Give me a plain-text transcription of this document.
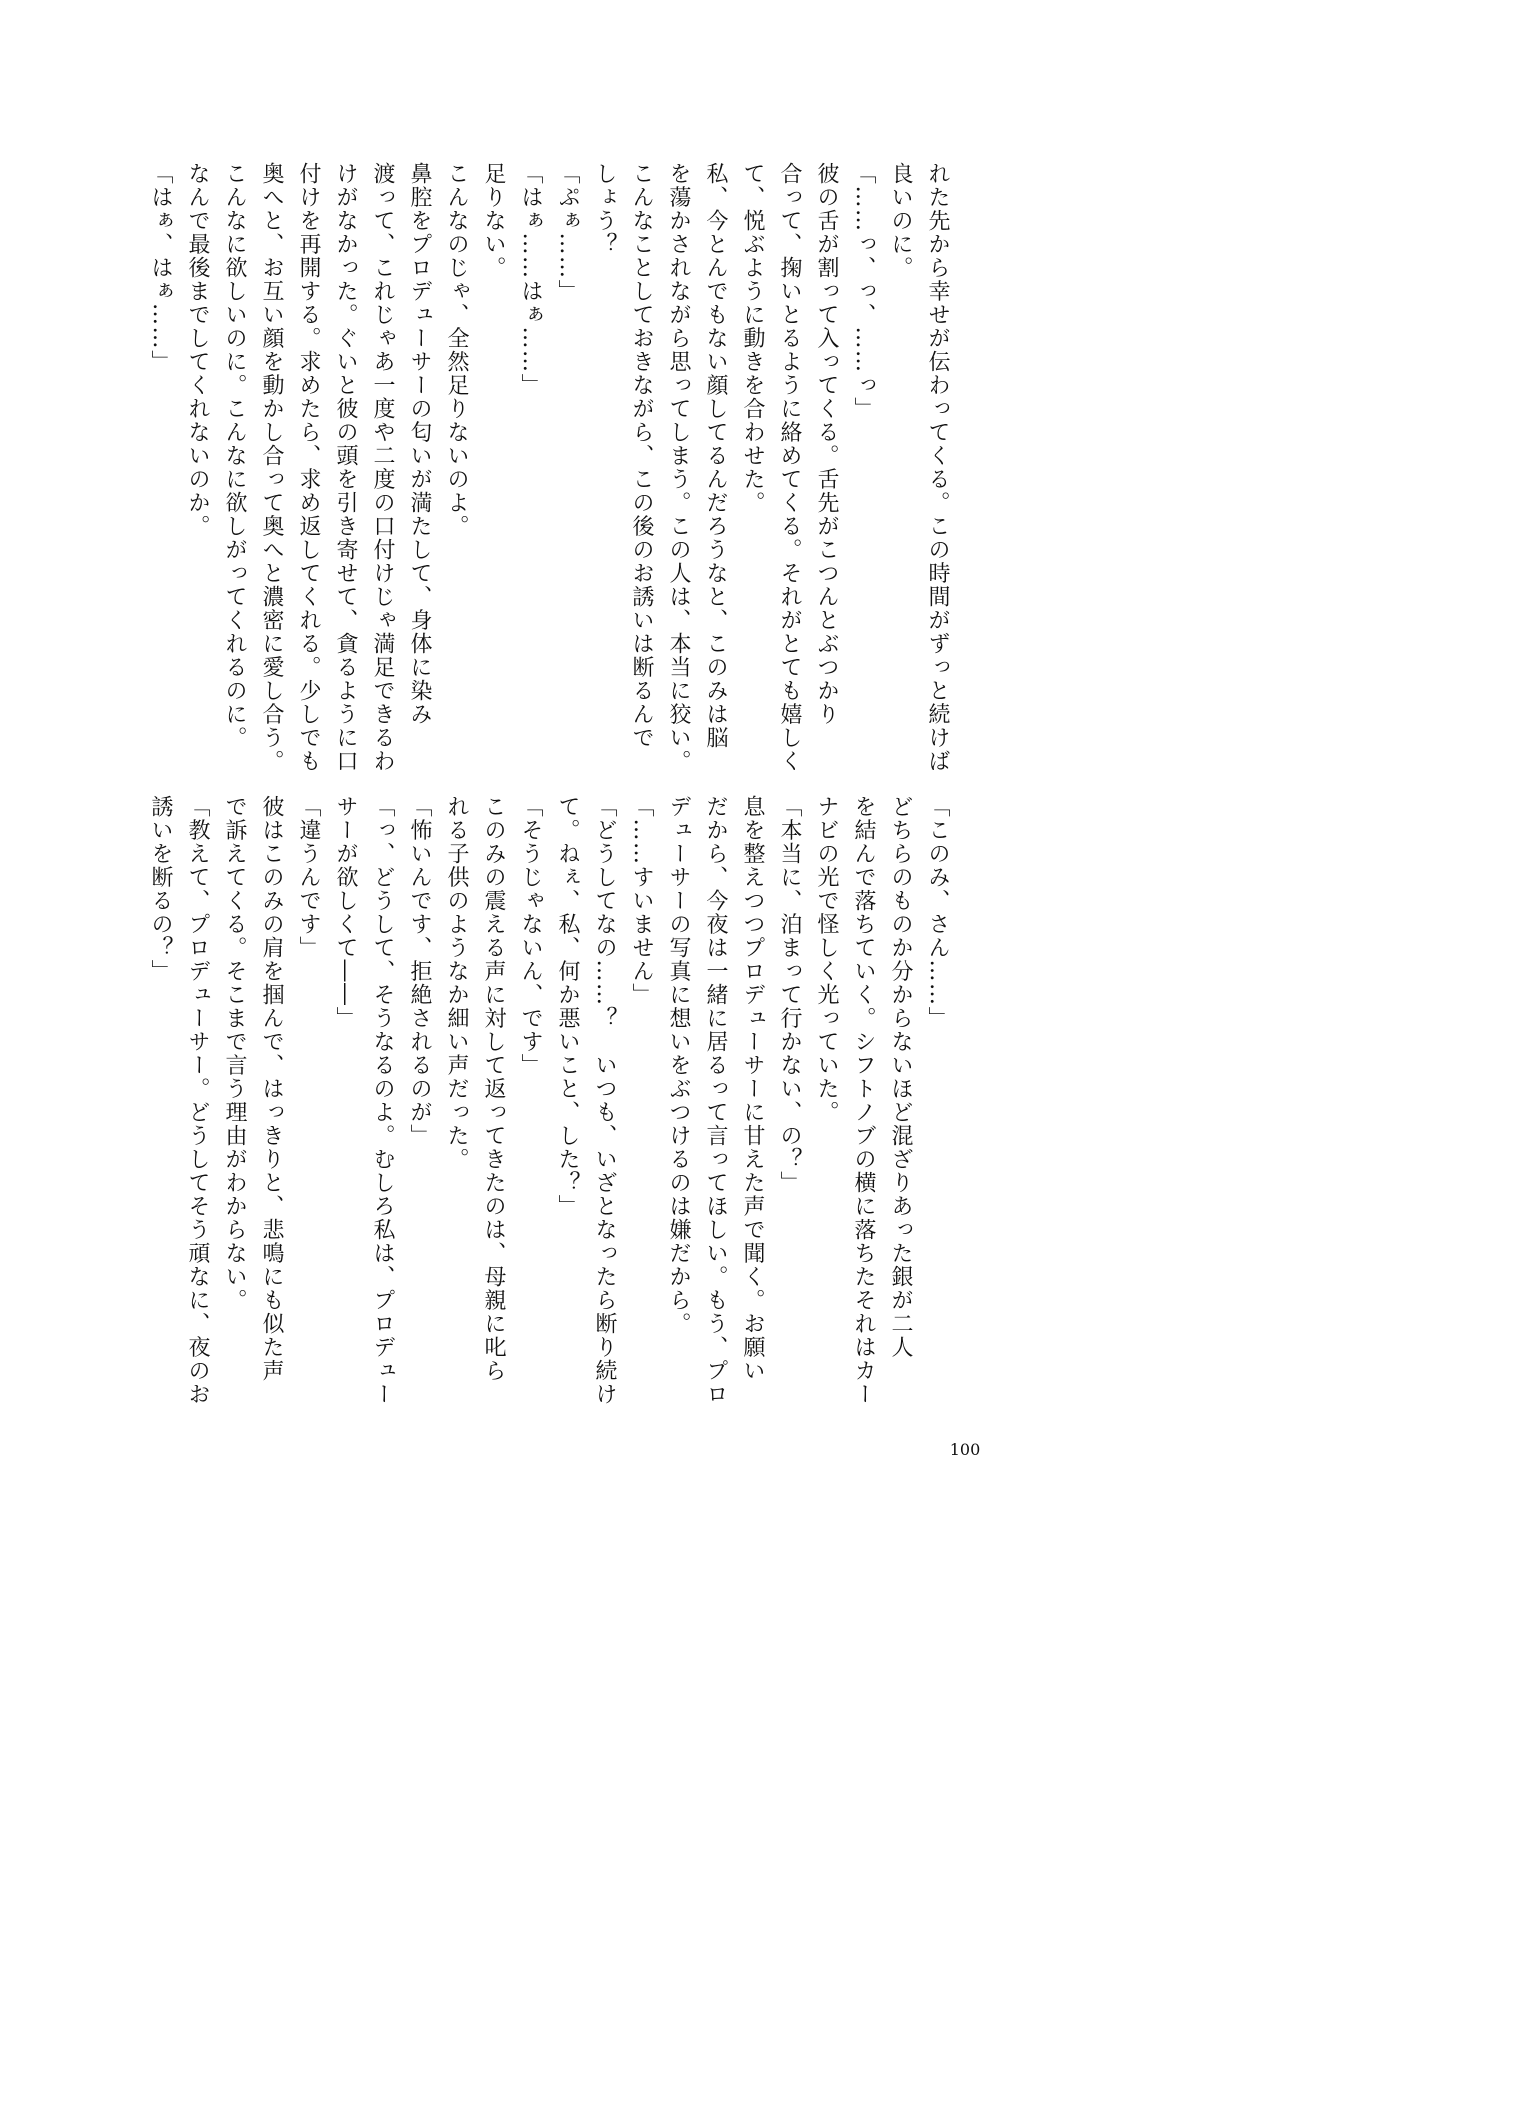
れた先から幸せが伝わってくる。この時間がずっと続けば
良いのに。
「……っ、っ、……っ」
彼の舌が割って入ってくる。舌先がこつんとぶつかり
合って、掬いとるように絡めてくる。それがとても嬉しく
て、悦ぶように動きを合わせた。
私、今とんでもない顔してるんだろうなと、このみは脳
を蕩かされながら思ってしまう。この人は、本当に狡い。
こんなことしておきながら、この後のお誘いは断るんで
しょう？
「ぷぁ……」
「はぁ……はぁ……」
足りない。
こんなのじゃ、全然足りないのよ。
鼻腔をプロデューサーの匂いが満たして、身体に染み
渡って、これじゃあ一度や二度の口付けじゃ満足できるわ
けがなかった。ぐいと彼の頭を引き寄せて、貪るように口
付けを再開する。求めたら、求め返してくれる。少しでも
奥へと、お互い顔を動かし合って奥へと濃密に愛し合う。
こんなに欲しいのに。こんなに欲しがってくれるのに。
なんで最後までしてくれないのか。
「はぁ、はぁ……」
「このみ、さん……」
どちらのものか分からないほど混ざりあった銀が二人
を結んで落ちていく。シフトノブの横に落ちたそれはカー
ナビの光で怪しく光っていた。
「本当に、泊まって行かない、の？」
息を整えつつプロデューサーに甘えた声で聞く。お願い
だから、今夜は一緒に居るって言ってほしい。もう、プロ
デューサーの写真に想いをぶつけるのは嫌だから。
「……すいません」
「どうしてなの……？　いつも、いざとなったら断り続け
て。ねぇ、私、何か悪いこと、した？」
「そうじゃないん、です」
このみの震える声に対して返ってきたのは、母親に叱ら
れる子供のようなか細い声だった。
「怖いんです、拒絶されるのが」
「っ、どうして、そうなるのよ。むしろ私は、プロデュー
サーが欲しくて――」
「違うんです」
彼はこのみの肩を掴んで、はっきりと、悲鳴にも似た声
で訴えてくる。そこまで言う理由がわからない。
「教えて、プロデューサー。どうしてそう頑なに、夜のお
誘いを断るの？」
100
